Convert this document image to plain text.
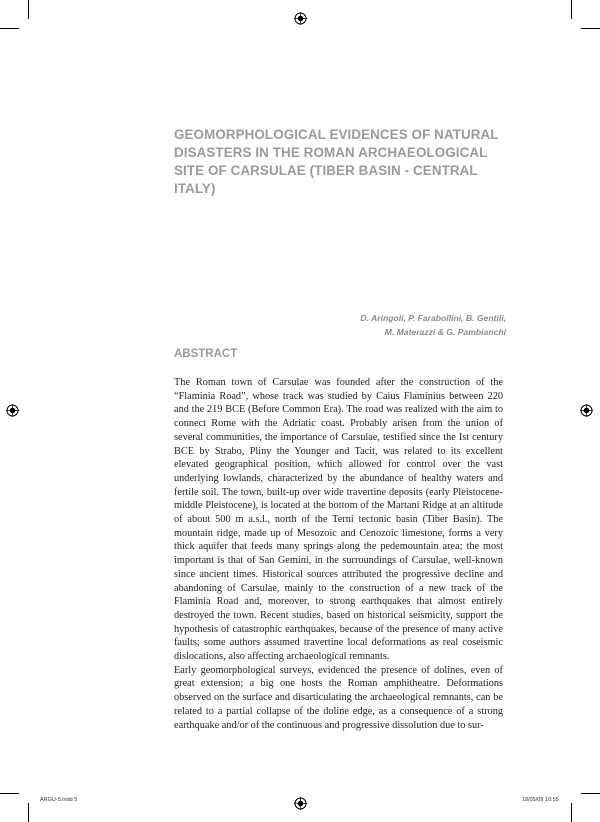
GEOMORPHOLOGICAL EVIDENCES OF NATURAL DISASTERS IN THE ROMAN ARCHAEOLOGICAL SITE OF CARSULAE (TIBER BASIN - CENTRAL ITALY)
D. Aringoli, P. Farabollini, B. Gentili,
M. Materazzi & G. Pambianchi
ABSTRACT

The Roman town of Carsulae was founded after the construction of the “Flaminia Road”, whose track was studied by Caius Flaminius between 220 and the 219 BCE (Before Common Era). The road was realized with the aim to connect Rome with the Adriatic coast. Probably arisen from the union of several communities, the importance of Carsulae, testified since the Ist century BCE by Strabo, Pliny the Younger and Tacit, was related to its excellent elevated geographical position, which allowed for control over the vast underlying lowlands, characterized by the abundance of healthy waters and fertile soil. The town, built-up over wide travertine deposits (early Pleistocene-middle Pleistocene), is located at the bottom of the Martani Ridge at an altitude of about 500 m a.s.l., north of the Terni tectonic basin (Tiber Basin). The mountain ridge, made up of Mesozoic and Cenozoic limestone, forms a very thick aquifer that feeds many springs along the pedemountain area; the most important is that of San Gemini, in the surroundings of Carsulae, well-known since ancient times. Historical sources attributed the progressive decline and abandoning of Carsulae, mainly to the construction of a new track of the Flaminia Road and, moreover, to strong earthquakes that almost entirely destroyed the town. Recent studies, based on historical seismicity, support the hypothesis of catastrophic earthquakes, because of the presence of many active faults; some authors assumed travertine local deformations as real coseismic dislocations, also affecting archaeological remnants.

Early geomorphological surveys, evidenced the presence of dolines, even of great extension; a big one hosts the Roman amphitheatre. Deformations observed on the surface and disarticulating the archaeological remnants, can be related to a partial collapse of the doline edge, as a consequence of a strong earthquake and/or of the continuous and progressive dissolution due to sur-

ARGU-5.indd 5	18/05/09 10:55
